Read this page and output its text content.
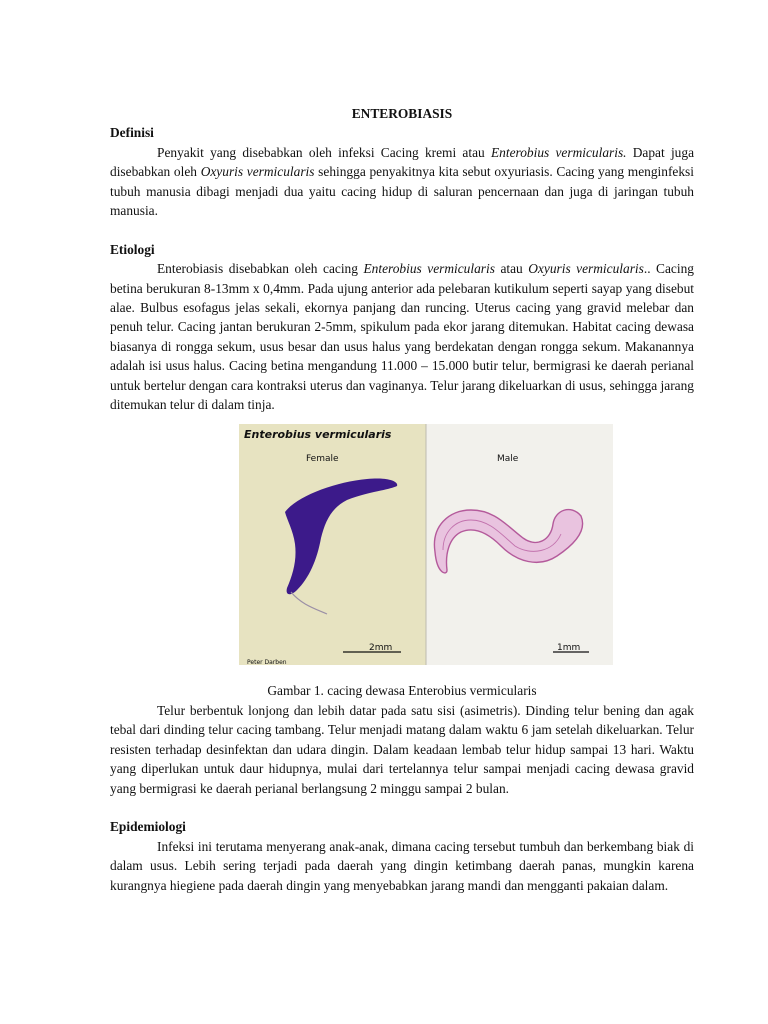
ENTEROBIASIS
Definisi

Penyakit yang disebabkan oleh infeksi Cacing kremi atau Enterobius vermicularis. Dapat juga disebabkan oleh Oxyuris vermicularis sehingga penyakitnya kita sebut oxyuriasis. Cacing yang menginfeksi tubuh manusia dibagi menjadi dua yaitu cacing hidup di saluran pencernaan dan juga di jaringan tubuh manusia.

Etiologi

Enterobiasis disebabkan oleh cacing Enterobius vermicularis atau Oxyuris vermicularis.. Cacing betina berukuran 8-13mm x 0,4mm. Pada ujung anterior ada pelebaran kutikulum seperti sayap yang disebut alae. Bulbus esofagus jelas sekali, ekornya panjang dan runcing. Uterus cacing yang gravid melebar dan penuh telur. Cacing jantan berukuran 2-5mm, spikulum pada ekor jarang ditemukan. Habitat cacing dewasa biasanya di rongga sekum, usus besar dan usus halus yang berdekatan dengan rongga sekum. Makanannya adalah isi usus halus. Cacing betina mengandung 11.000 – 15.000 butir telur, bermigrasi ke daerah perianal untuk bertelur dengan cara kontraksi uterus dan vaginanya. Telur jarang dikeluarkan di usus, sehingga jarang ditemukan telur di dalam tinja.

Enterobius vermicularis
Female	Male
2mm	1mm
Peter Darben
Gambar 1. cacing dewasa Enterobius vermicularis

Telur berbentuk lonjong dan lebih datar pada satu sisi (asimetris). Dinding telur bening dan agak tebal dari dinding telur cacing tambang. Telur menjadi matang dalam waktu 6 jam setelah dikeluarkan. Telur resisten terhadap desinfektan dan udara dingin. Dalam keadaan lembab telur hidup sampai 13 hari. Waktu yang diperlukan untuk daur hidupnya, mulai dari tertelannya telur sampai menjadi cacing dewasa gravid yang bermigrasi ke daerah perianal berlangsung 2 minggu sampai 2 bulan.

Epidemiologi

Infeksi ini terutama menyerang anak-anak, dimana cacing tersebut tumbuh dan berkembang biak di dalam usus. Lebih sering terjadi pada daerah yang dingin ketimbang daerah panas, mungkin karena kurangnya hiegiene pada daerah dingin yang menyebabkan jarang mandi dan mengganti pakaian dalam.
